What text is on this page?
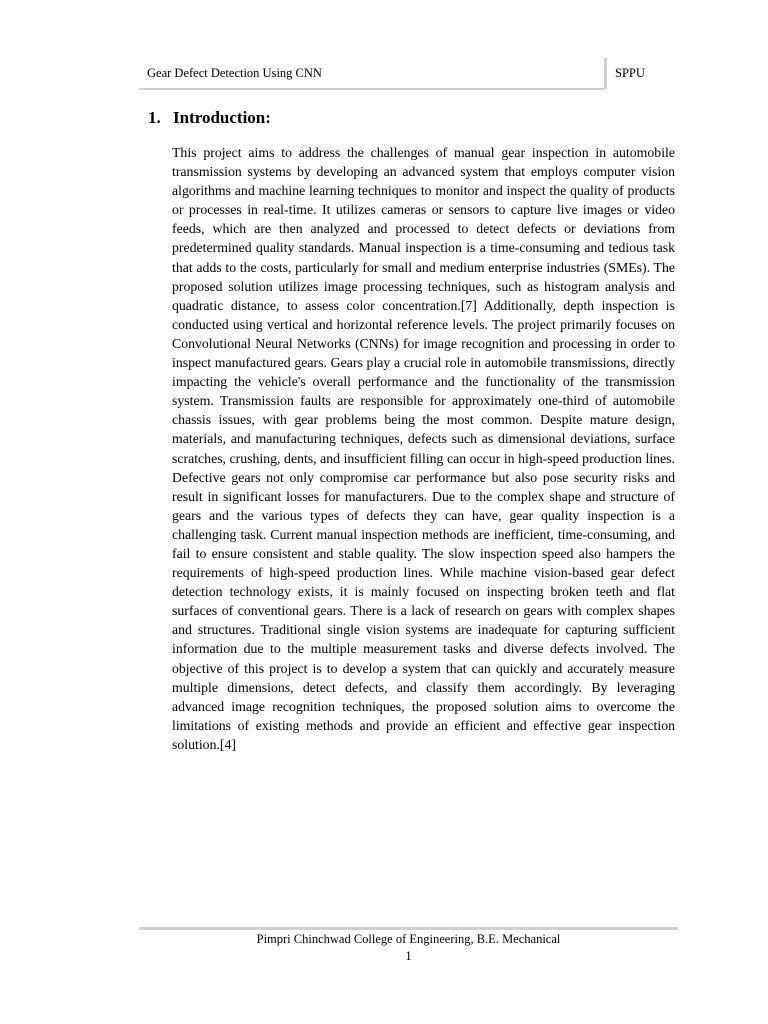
Gear Defect Detection Using CNN	SPPU
1. Introduction:

This project aims to address the challenges of manual gear inspection in automobile transmission systems by developing an advanced system that employs computer vision algorithms and machine learning techniques to monitor and inspect the quality of products or processes in real-time. It utilizes cameras or sensors to capture live images or video feeds, which are then analyzed and processed to detect defects or deviations from predetermined quality standards. Manual inspection is a time-consuming and tedious task that adds to the costs, particularly for small and medium enterprise industries (SMEs). The proposed solution utilizes image processing techniques, such as histogram analysis and quadratic distance, to assess color concentration.[7] Additionally, depth inspection is conducted using vertical and horizontal reference levels. The project primarily focuses on Convolutional Neural Networks (CNNs) for image recognition and processing in order to inspect manufactured gears. Gears play a crucial role in automobile transmissions, directly impacting the vehicle's overall performance and the functionality of the transmission system. Transmission faults are responsible for approximately one-third of automobile chassis issues, with gear problems being the most common. Despite mature design, materials, and manufacturing techniques, defects such as dimensional deviations, surface scratches, crushing, dents, and insufficient filling can occur in high-speed production lines. Defective gears not only compromise car performance but also pose security risks and result in significant losses for manufacturers. Due to the complex shape and structure of gears and the various types of defects they can have, gear quality inspection is a challenging task. Current manual inspection methods are inefficient, time-consuming, and fail to ensure consistent and stable quality. The slow inspection speed also hampers the requirements of high-speed production lines. While machine vision-based gear defect detection technology exists, it is mainly focused on inspecting broken teeth and flat surfaces of conventional gears. There is a lack of research on gears with complex shapes and structures. Traditional single vision systems are inadequate for capturing sufficient information due to the multiple measurement tasks and diverse defects involved. The objective of this project is to develop a system that can quickly and accurately measure multiple dimensions, detect defects, and classify them accordingly. By leveraging advanced image recognition techniques, the proposed solution aims to overcome the limitations of existing methods and provide an efficient and effective gear inspection solution.[4]

Pimpri Chinchwad College of Engineering, B.E. Mechanical
1
